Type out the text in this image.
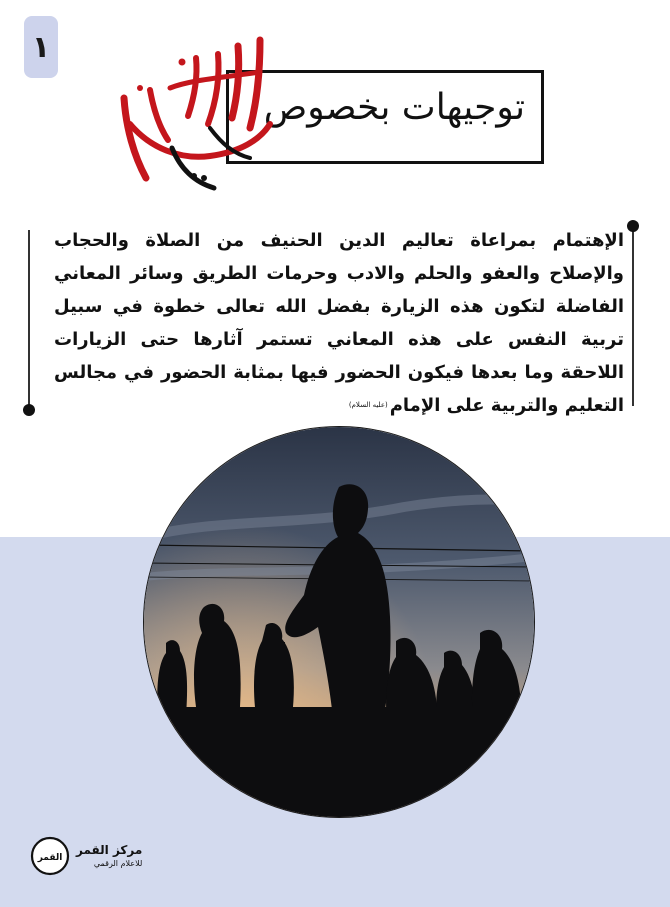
١
توجيهات بخصوص
الإهتمام بمراعاة تعاليم الدين الحنيف من الصلاة والحجاب والإصلاح والعفو والحلم والادب وحرمات الطريق وسائر المعاني الفاضلة لتكون هذه الزيارة بفضل الله تعالى خطوة في سبيل تربية النفس على هذه المعاني تستمر آثارها حتى الزيارات اللاحقة وما بعدها فيكون الحضور فيها بمثابة الحضور في مجالس التعليم والتربية على الإمام$^{(عليه السلام)}$
القمر
مركز القمر
للاعلام الرقمي
